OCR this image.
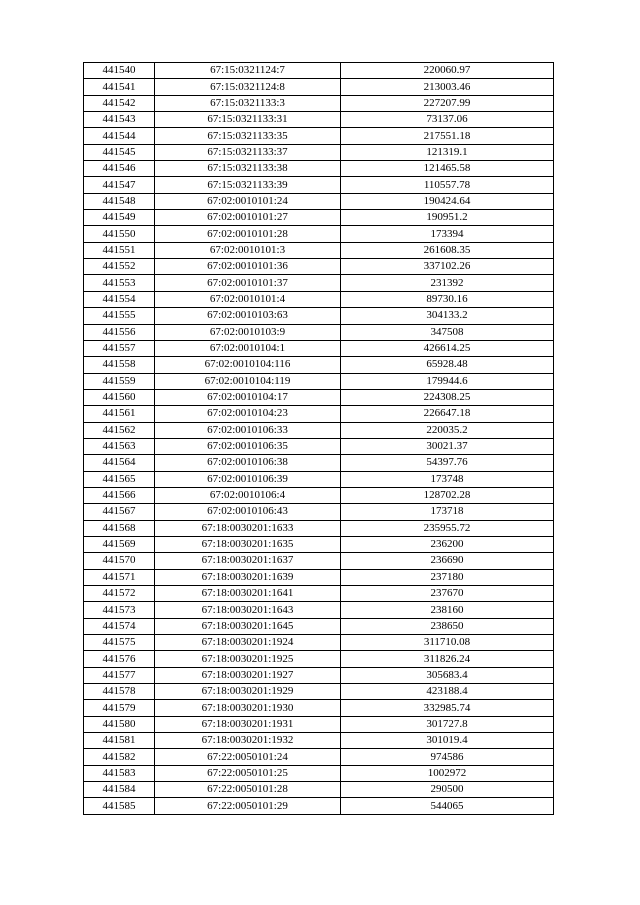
441540	67:15:0321124:7	220060.97
441541	67:15:0321124:8	213003.46
441542	67:15:0321133:3	227207.99
441543	67:15:0321133:31	73137.06
441544	67:15:0321133:35	217551.18
441545	67:15:0321133:37	121319.1
441546	67:15:0321133:38	121465.58
441547	67:15:0321133:39	110557.78
441548	67:02:0010101:24	190424.64
441549	67:02:0010101:27	190951.2
441550	67:02:0010101:28	173394
441551	67:02:0010101:3	261608.35
441552	67:02:0010101:36	337102.26
441553	67:02:0010101:37	231392
441554	67:02:0010101:4	89730.16
441555	67:02:0010103:63	304133.2
441556	67:02:0010103:9	347508
441557	67:02:0010104:1	426614.25
441558	67:02:0010104:116	65928.48
441559	67:02:0010104:119	179944.6
441560	67:02:0010104:17	224308.25
441561	67:02:0010104:23	226647.18
441562	67:02:0010106:33	220035.2
441563	67:02:0010106:35	30021.37
441564	67:02:0010106:38	54397.76
441565	67:02:0010106:39	173748
441566	67:02:0010106:4	128702.28
441567	67:02:0010106:43	173718
441568	67:18:0030201:1633	235955.72
441569	67:18:0030201:1635	236200
441570	67:18:0030201:1637	236690
441571	67:18:0030201:1639	237180
441572	67:18:0030201:1641	237670
441573	67:18:0030201:1643	238160
441574	67:18:0030201:1645	238650
441575	67:18:0030201:1924	311710.08
441576	67:18:0030201:1925	311826.24
441577	67:18:0030201:1927	305683.4
441578	67:18:0030201:1929	423188.4
441579	67:18:0030201:1930	332985.74
441580	67:18:0030201:1931	301727.8
441581	67:18:0030201:1932	301019.4
441582	67:22:0050101:24	974586
441583	67:22:0050101:25	1002972
441584	67:22:0050101:28	290500
441585	67:22:0050101:29	544065
